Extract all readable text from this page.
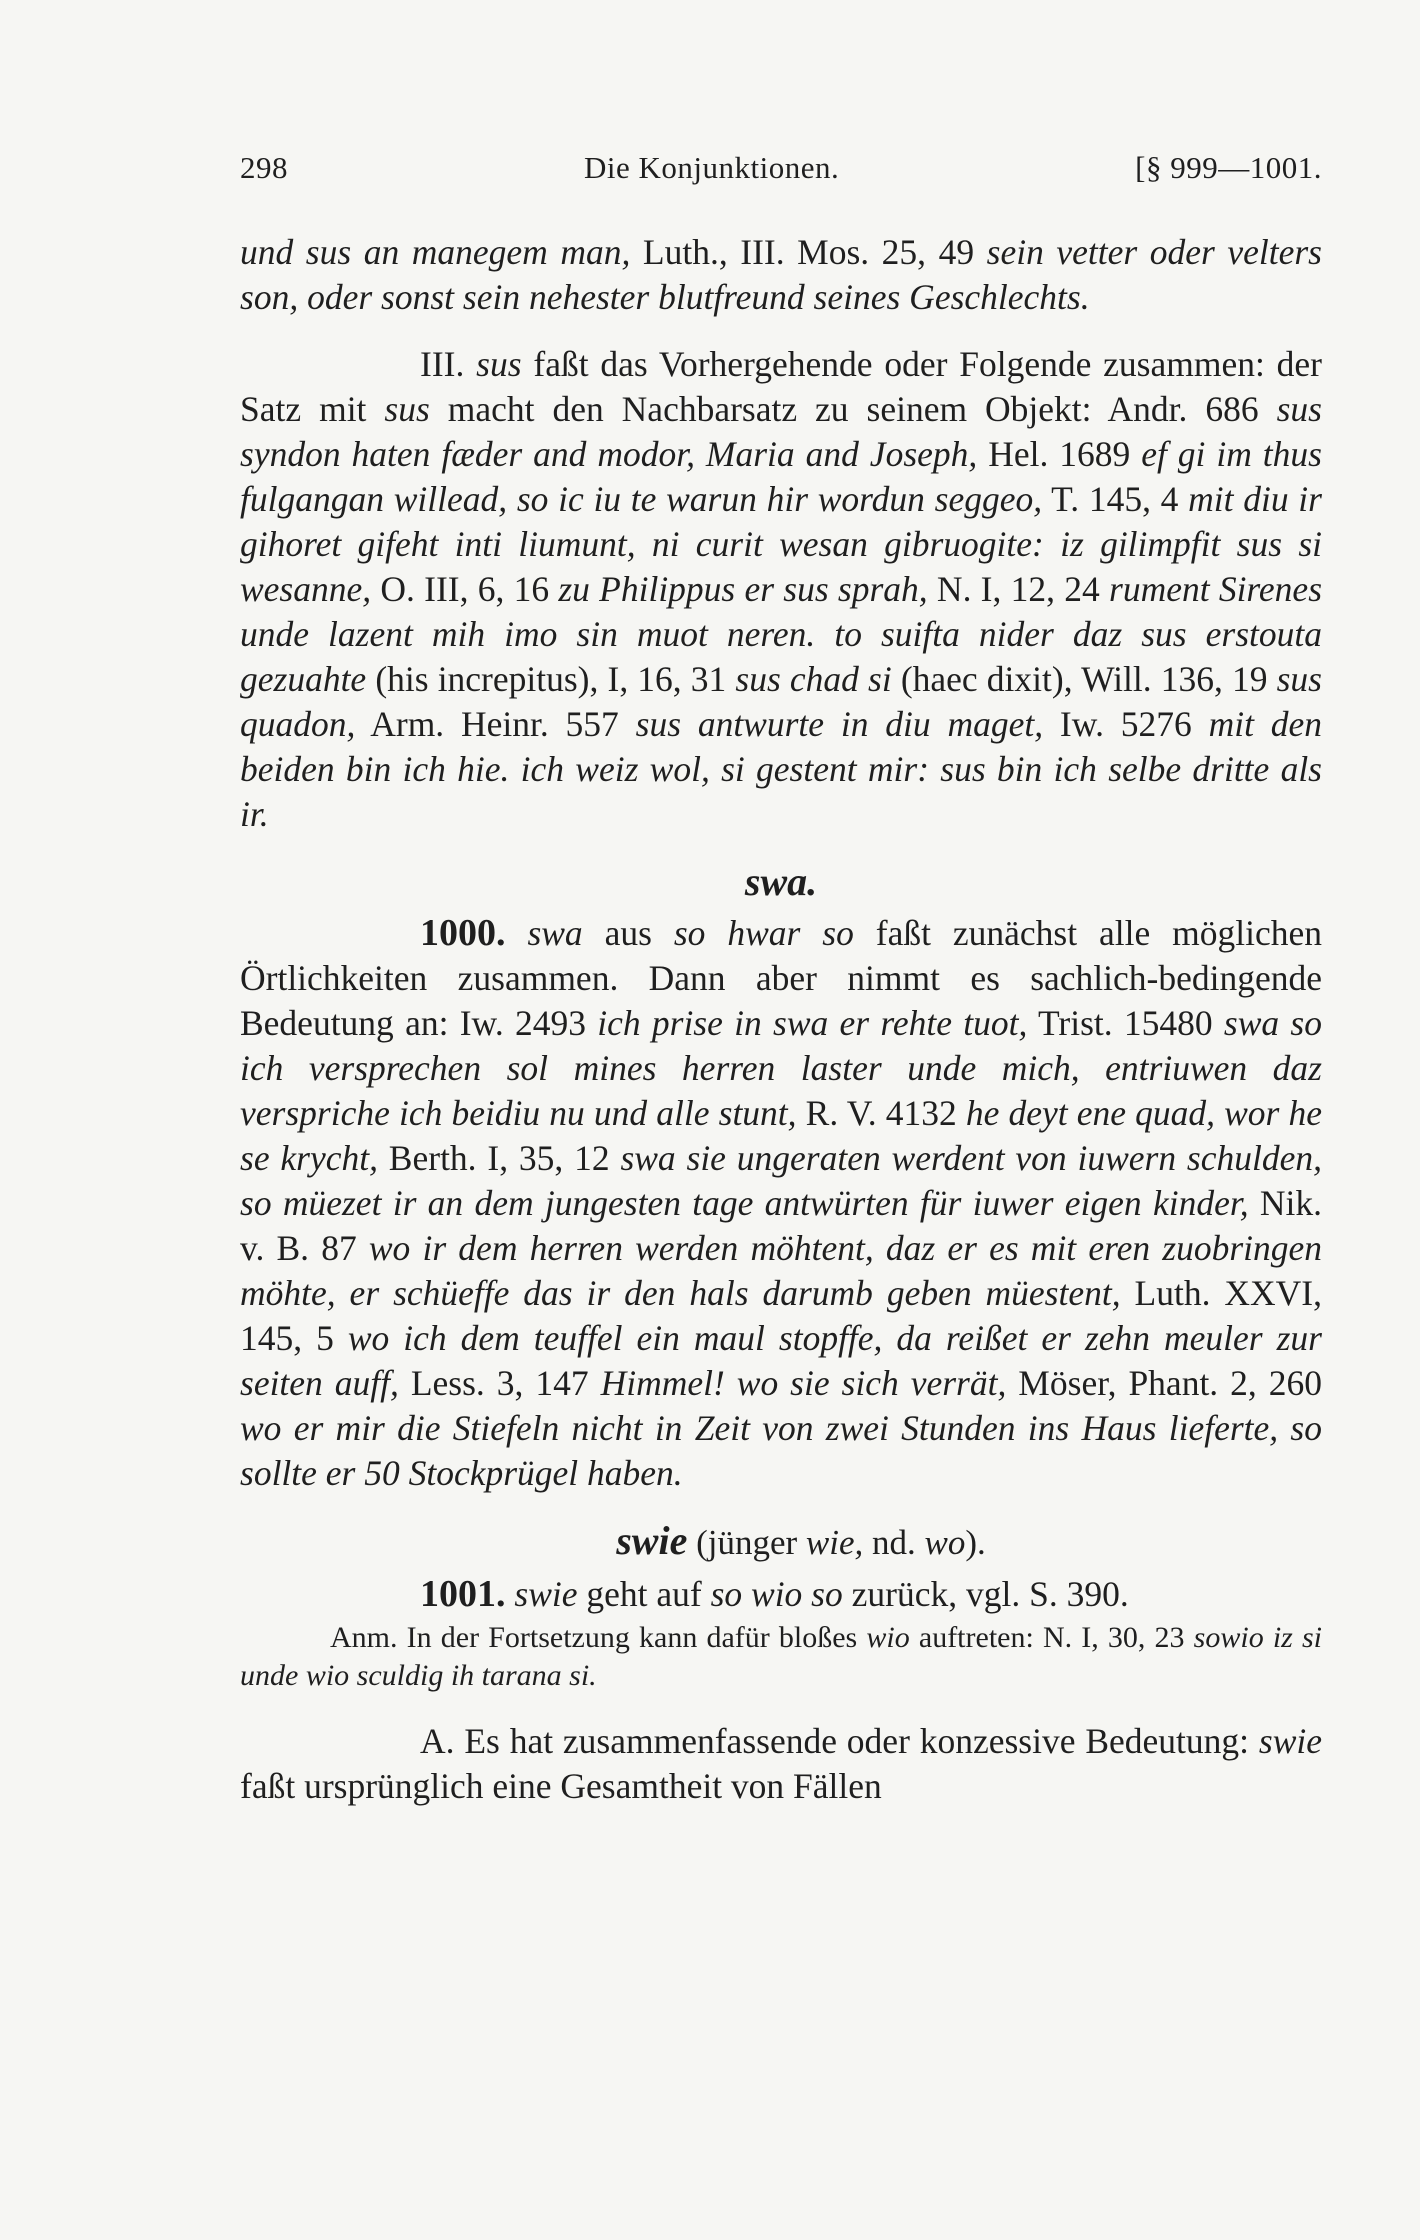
298	Die Konjunktionen.	[§ 999—1001.

und sus an manegem man, Luth., III. Mos. 25, 49 sein vetter oder velters son, oder sonst sein nehester blutfreund seines Geschlechts.

III. sus faßt das Vorhergehende oder Folgende zusammen: der Satz mit sus macht den Nachbarsatz zu seinem Objekt: Andr. 686 sus syndon haten fæder and modor, Maria and Joseph, Hel. 1689 ef gi im thus fulgangan willead, so ic iu te warun hir wordun seggeo, T. 145, 4 mit diu ir gihoret gifeht inti liumunt, ni curit wesan gibruogite: iz gilimpfit sus si wesanne, O. III, 6, 16 zu Philippus er sus sprah, N. I, 12, 24 rument Sirenes unde lazent mih imo sin muot neren. to suifta nider daz sus erstouta gezuahte (his increpitus), I, 16, 31 sus chad si (haec dixit), Will. 136, 19 sus quadon, Arm. Heinr. 557 sus antwurte in diu maget, Iw. 5276 mit den beiden bin ich hie. ich weiz wol, si gestent mir: sus bin ich selbe dritte als ir.

swa.

1000. swa aus so hwar so faßt zunächst alle möglichen Örtlichkeiten zusammen. Dann aber nimmt es sachlich-bedingende Bedeutung an: Iw. 2493 ich prise in swa er rehte tuot, Trist. 15480 swa so ich versprechen sol mines herren laster unde mich, entriuwen daz verspriche ich beidiu nu und alle stunt, R. V. 4132 he deyt ene quad, wor he se krycht, Berth. I, 35, 12 swa sie ungeraten werdent von iuwern schulden, so müezet ir an dem jungesten tage antwürten für iuwer eigen kinder, Nik. v. B. 87 wo ir dem herren werden möhtent, daz er es mit eren zuobringen möhte, er schüeffe das ir den hals darumb geben müestent, Luth. XXVI, 145, 5 wo ich dem teuffel ein maul stopffe, da reißet er zehn meuler zur seiten auff, Less. 3, 147 Himmel! wo sie sich verrät, Möser, Phant. 2, 260 wo er mir die Stiefeln nicht in Zeit von zwei Stunden ins Haus lieferte, so sollte er 50 Stockprügel haben.

swie (jünger wie, nd. wo).

1001. swie geht auf so wio so zurück, vgl. S. 390.

Anm. In der Fortsetzung kann dafür bloßes wio auftreten: N. I, 30, 23 sowio iz si unde wio sculdig ih tarana si.

A. Es hat zusammenfassende oder konzessive Bedeutung: swie faßt ursprünglich eine Gesamtheit von Fällen
